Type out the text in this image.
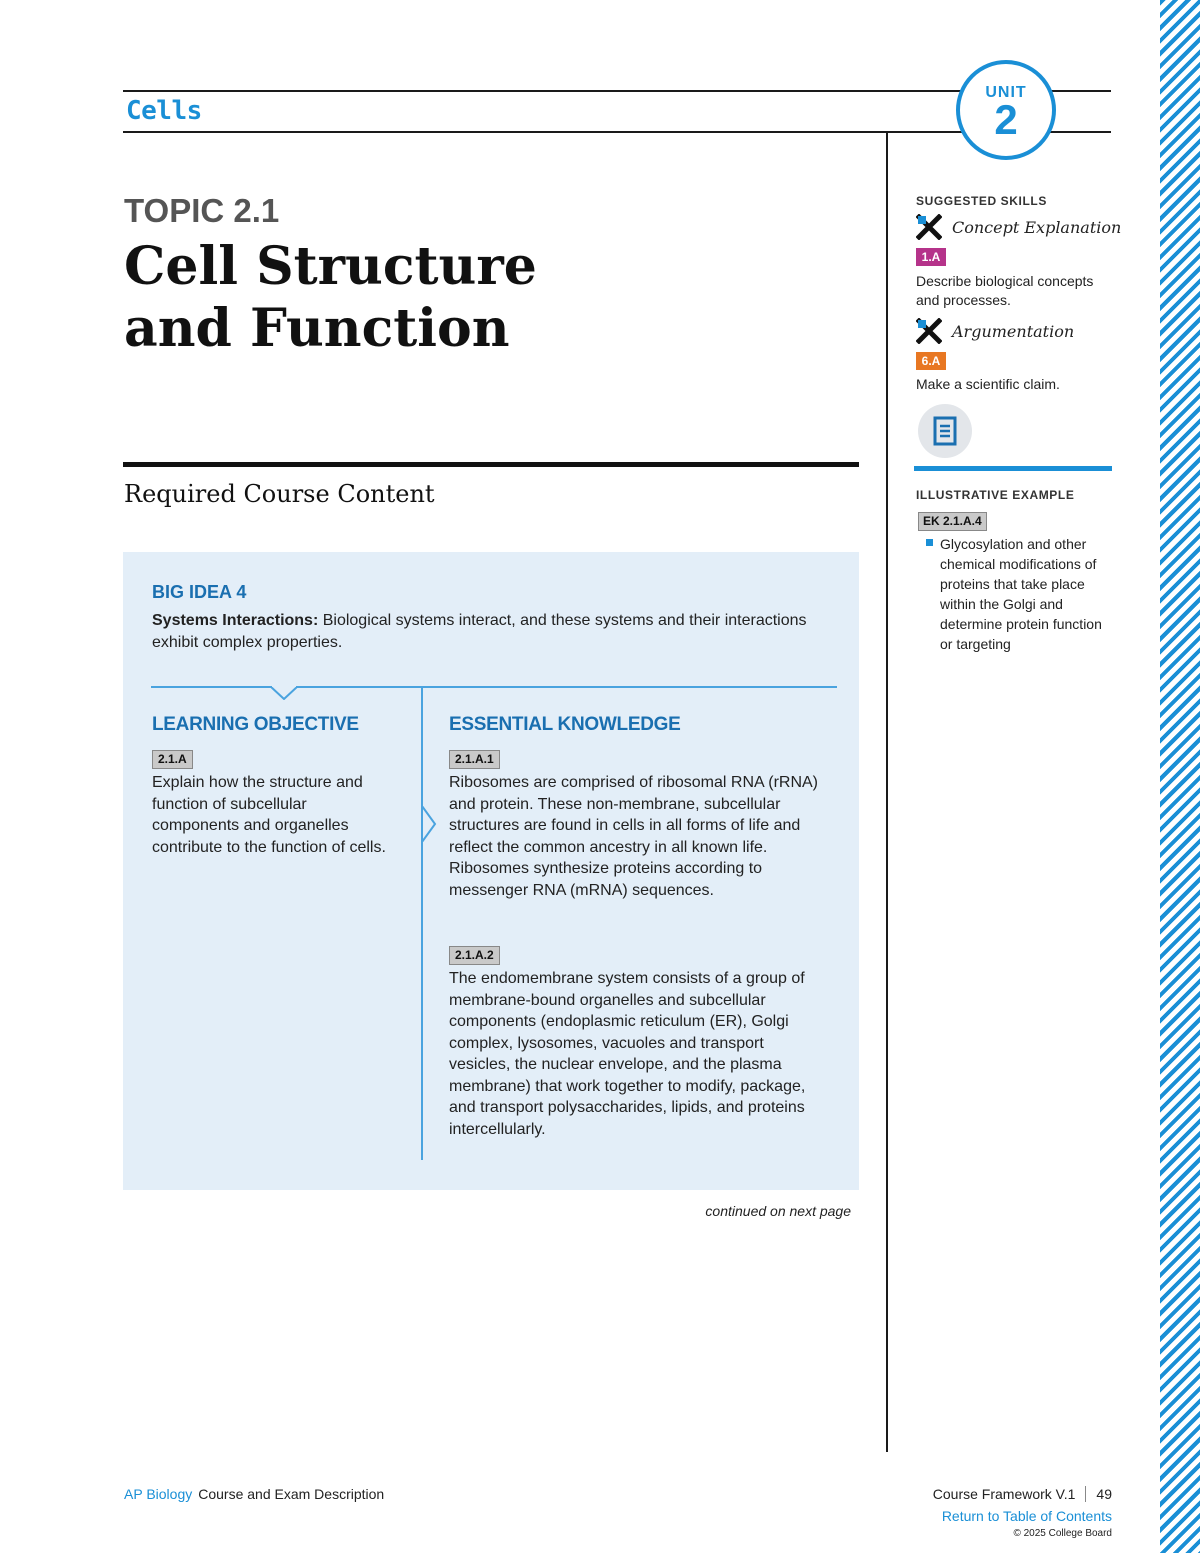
Cells
UNIT
2
TOPIC 2.1
Cell Structure
and Function
Required Course Content
BIG IDEA 4
Systems Interactions: Biological systems interact, and these systems and their interactions exhibit complex properties.
LEARNING OBJECTIVE
2.1.A
Explain how the structure and function of subcellular components and organelles contribute to the function of cells.
ESSENTIAL KNOWLEDGE
2.1.A.1
Ribosomes are comprised of ribosomal RNA (rRNA) and protein. These non-membrane, subcellular structures are found in cells in all forms of life and reflect the common ancestry in all known life. Ribosomes synthesize proteins according to messenger RNA (mRNA) sequences.
2.1.A.2
The endomembrane system consists of a group of membrane-bound organelles and subcellular components (endoplasmic reticulum (ER), Golgi complex, lysosomes, vacuoles and transport vesicles, the nuclear envelope, and the plasma membrane) that work together to modify, package, and transport polysaccharides, lipids, and proteins intercellularly.
continued on next page
SUGGESTED SKILLS
Concept Explanation
1.A
Describe biological concepts and processes.
Argumentation
6.A
Make a scientific claim.
ILLUSTRATIVE EXAMPLE
EK 2.1.A.4
Glycosylation and other chemical modifications of proteins that take place within the Golgi and determine protein function or targeting
AP Biology Course and Exam Description	Course Framework V.1 49
Return to Table of Contents
© 2025 College Board
